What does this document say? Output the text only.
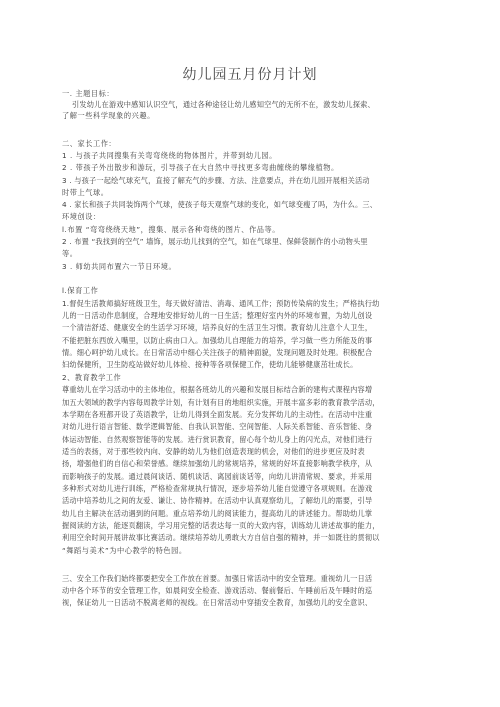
幼儿园五月份月计划
一. 主题目标：
引发幼儿在游戏中感知认识空气，通过各种途径让幼儿感知空气的无所不在，激发幼儿探索、
了解一些科学现象的兴趣。
二、家长工作：
1 . 与孩子共同搜集有关弯弯绕绕的物体图片，并带到幼儿园。
2 . 带孩子外出散步和游玩，引导孩子在大自然中寻找更多弯曲缠绕的攀缘植物。
3 . 与孩子一起绘气球充气，直接了解充气的步骤、方法、注意要点，并在幼儿园开展相关活动
时带上气球。
4 . 家长和孩子共同装饰两个气球，使孩子每天观察气球的变化，如气球变瘦了吗，为什么。三、
环境创设：
l.布置 “弯弯绕绕天地”，搜集、展示各种弯绕的图片、作品等。
2 . 布置 “我找到的空气” 墙饰，展示幼儿找到的空气，如在气球里、保鲜袋制作的小动物头里
等。
3 . 师幼共同布置六一节日环境。
l.保育工作
1.督促生活教师搞好班级卫生，每天做好清洁、消毒、通风工作；预防传染病的发生；严格执行幼
儿的一日活动作息制度，合理地安排好幼儿的一日生活；整理好室内外的环境布置，为幼儿创设
一个清洁舒适、健康安全的生活学习环境，培养良好的生活卫生习惯。教育幼儿注意个人卫生，
不能把脏东西放入嘴里，以防止病由口入。加强幼儿自理能力的培养，学习做一些力所能及的事
情。细心呵护幼儿成长。在日常活动中细心关注孩子的精神面貌，发现问题及时处理。积极配合
妇幼保健所，卫生防疫站做好幼儿体检、接种等各项保健工作，使幼儿能够健康茁壮成长。
2、教育教学工作
尊重幼儿在学习活动中的主体地位，根据各班幼儿的兴趣和发展目标结合新的建构式课程内容增
加五大领域的教学内容每周教学计划，有计划有目的地组织实施，开展丰富多彩的教育教学活动，
本学期在各班都开设了英语教学，让幼儿得到全面发展。充分发挥幼儿的主动性。在活动中注重
对幼儿进行语言智能、数学逻辑智能、自我认识智能、空间智能、人际关系智能、音乐智能、身
体运动智能、自然观察智能等的发展。进行赏识教育，留心每个幼儿身上的闪光点，对他们进行
适当的表扬，对于那些较内向、安静的幼儿为他们创造表现的机会，对他们的进步更应及时表
扬，增强他们的自信心和荣誉感。继续加强幼儿的常规培养，常规的好坏直接影响教学秩序，从
而影响孩子的发展。通过晨间谈话、随机谈话、离园前谈话等，向幼儿讲清常规、要求，并采用
多种形式对幼儿进行训练，严格检查常规执行情况，逐步培养幼儿能自觉遵守各项规则。在游戏
活动中培养幼儿之间的友爱、谦让、协作精神。在活动中认真观察幼儿，了解幼儿的需要，引导
幼儿自主解决在活动遇到的问题。重点培养幼儿的阅读能力，提高幼儿的讲述能力。帮助幼儿掌
握阅读的方法，能逐页翻读，学习用完整的话表达每一页的大致内容，训练幼儿讲述故事的能力，
利用空余时间开展讲故事比赛活动。继续培养幼儿勇敢大方自信自强的精神，并一如既往的贯彻以
“舞蹈与美术”为中心教学的特色园。
三、安全工作我们始终都要把安全工作放在首要。加强日常活动中的安全管理。重视幼儿一日活
动中各个环节的安全管理工作，如晨间安全检查、游戏活动、餐前餐后、午睡前后及午睡时的巡
视，保证幼儿一日活动不脱离老师的视线。在日常活动中穿插安全教育，加强幼儿的安全意识、
